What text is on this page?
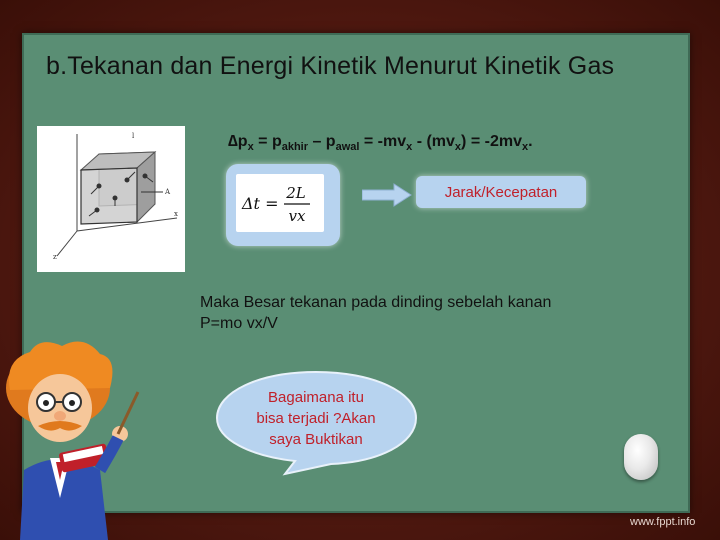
b.Tekanan dan Energi Kinetik Menurut Kinetik Gas
A
x
z
l	$\Delta p_x = p_{akhir} - p_{awal} = -mv_x - (mv_x) = -2mv_x$.
Δt =
2L
vx
Jarak/Kecepatan
Maka Besar tekanan pada dinding sebelah kanan
P=mo vx/V
Bagaimana itu
bisa terjadi ?Akan
saya Buktikan
www.fppt.info
